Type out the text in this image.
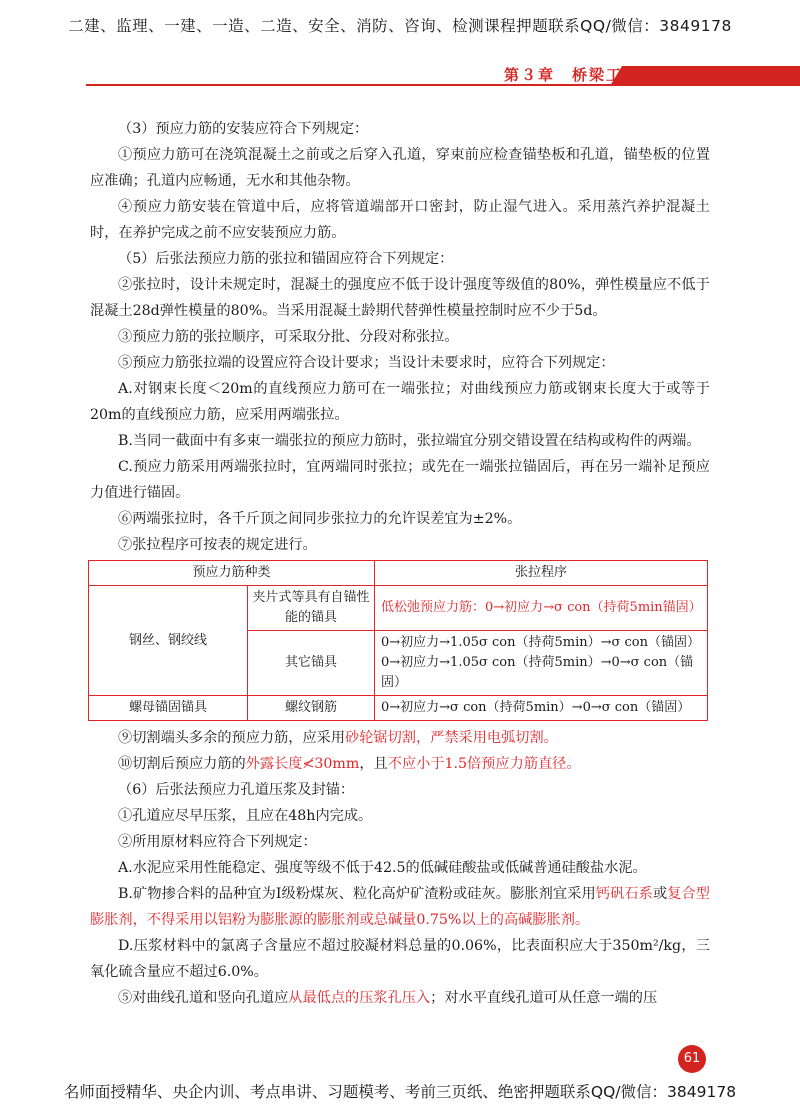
二建、监理、一建、一造、二造、安全、消防、咨询、检测课程押题联系QQ/微信：3849178
第３章　桥梁工程

（3）预应力筋的安装应符合下列规定：

①预应力筋可在浇筑混凝土之前或之后穿入孔道，穿束前应检查锚垫板和孔道，锚垫板的位置应准确；孔道内应畅通，无水和其他杂物。

④预应力筋安装在管道中后，应将管道端部开口密封，防止湿气进入。采用蒸汽养护混凝土时，在养护完成之前不应安装预应力筋。

（5）后张法预应力筋的张拉和锚固应符合下列规定：

②张拉时，设计未规定时，混凝土的强度应不低于设计强度等级值的80%，弹性模量应不低于混凝土28d弹性模量的80%。当采用混凝土龄期代替弹性模量控制时应不少于5d。

③预应力筋的张拉顺序，可采取分批、分段对称张拉。

⑤预应力筋张拉端的设置应符合设计要求；当设计未要求时，应符合下列规定：

A.对钢束长度＜20m的直线预应力筋可在一端张拉；对曲线预应力筋或钢束长度大于或等于20m的直线预应力筋，应采用两端张拉。

B.当同一截面中有多束一端张拉的预应力筋时，张拉端宜分别交错设置在结构或构件的两端。

C.预应力筋采用两端张拉时，宜两端同时张拉；或先在一端张拉锚固后，再在另一端补足预应力值进行锚固。

⑥两端张拉时，各千斤顶之间同步张拉力的允许误差宜为±2%。

⑦张拉程序可按表的规定进行。

预应力筋种类		张拉程序
钢丝、钢绞线	夹片式等具有自锚性能的锚具	低松弛预应力筋：0→初应力→σ con（持荷5min锚固）
	其它锚具	0→初应力→1.05σ con（持荷5min）→σ con（锚固）
0→初应力→1.05σ con（持荷5min）→0→σ con（锚固）

螺母锚固锚具	螺纹钢筋	0→初应力→σ con（持荷5min）→0→σ con（锚固）

⑨切割端头多余的预应力筋，应采用砂轮锯切割，严禁采用电弧切割。

⑩切割后预应力筋的外露长度≮30mm，且不应小于1.5倍预应力筋直径。

（6）后张法预应力孔道压浆及封锚：

①孔道应尽早压浆，且应在48h内完成。

②所用原材料应符合下列规定：

A.水泥应采用性能稳定、强度等级不低于42.5的低碱硅酸盐或低碱普通硅酸盐水泥。

B.矿物掺合料的品种宜为Ⅰ级粉煤灰、粒化高炉矿渣粉或硅灰。膨胀剂宜采用钙矾石系或复合型膨胀剂，不得采用以铝粉为膨胀源的膨胀剂或总碱量0.75%以上的高碱膨胀剂。

D.压浆材料中的氯离子含量应不超过胶凝材料总量的0.06%，比表面积应大于350m²/kg，三氧化硫含量应不超过6.0%。

⑤对曲线孔道和竖向孔道应从最低点的压浆孔压入；对水平直线孔道可从任意一端的压

61
名师面授精华、央企内训、考点串讲、习题模考、考前三页纸、绝密押题联系QQ/微信：3849178
